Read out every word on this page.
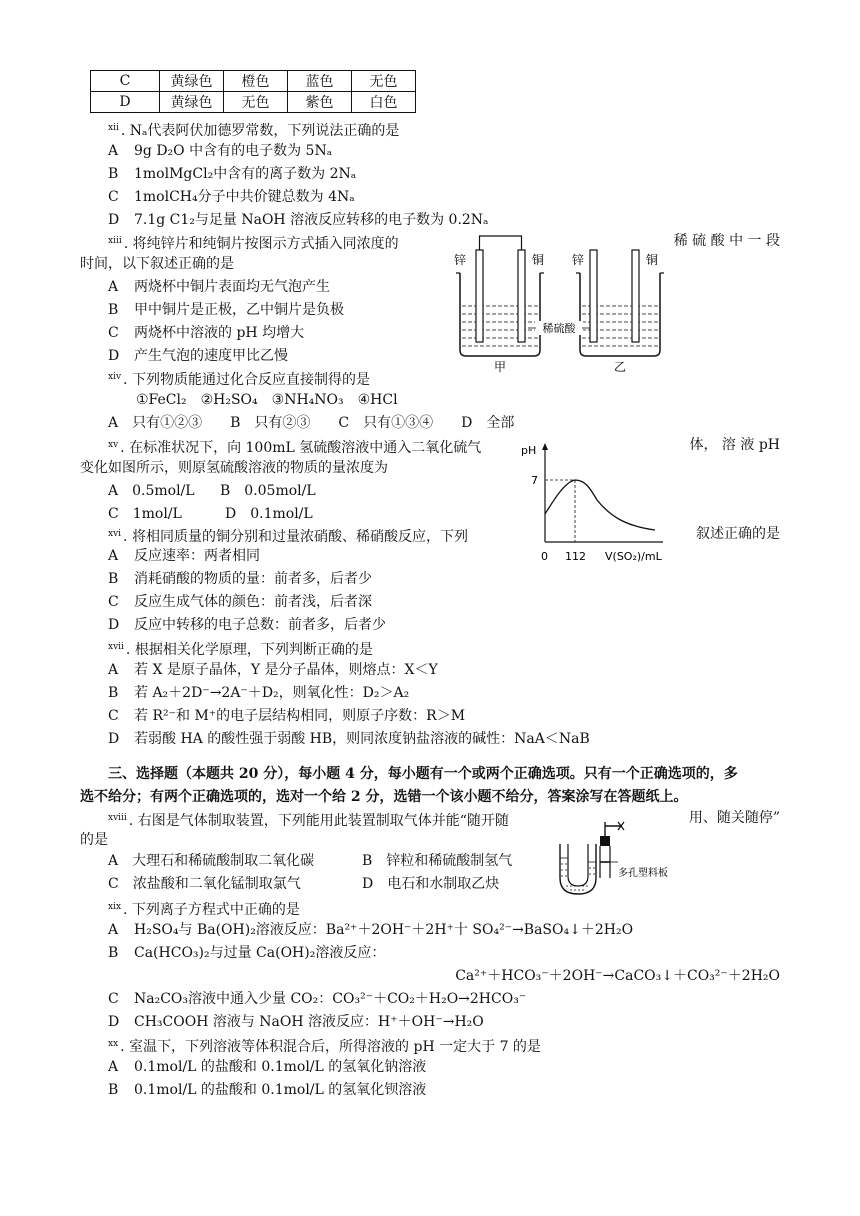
C	黄绿色	橙色	蓝色	无色
D	黄绿色	无色	紫色	白色
$^{xii}$ . Nₐ代表阿伏加德罗常数，下列说法正确的是
A 9g D₂O 中含有的电子数为 5Nₐ
B 1molMgCl₂中含有的离子数为 2Nₐ
C 1molCH₄分子中共价键总数为 4Nₐ
D 7.1g C1₂与足量 NaOH 溶液反应转移的电子数为 0.2Nₐ
$^{xiii}$ . 将纯锌片和纯铜片按图示方式插入同浓度的	稀 硫 酸 中 一 段
时间，以下叙述正确的是
A 两烧杯中铜片表面均无气泡产生
B 甲中铜片是正极，乙中铜片是负极
C 两烧杯中溶液的 pH 均增大
D 产生气泡的速度甲比乙慢
稀硫酸
锌	铜 锌	铜
甲	乙
$^{xiv}$ . 下列物质能通过化合反应直接制得的是
①FeCl₂　②H₂SO₄　③NH₄NO₃　④HCl
A　只有①②③　　B　只有②③　　C　只有①③④　　D　全部
$^{xv}$ . 在标准状况下，向 100mL 氢硫酸溶液中通入二氧化硫气	体， 溶 液 pH
变化如图所示，则原氢硫酸溶液的物质的量浓度为
A　0.5mol/L B　0.05mol/L
C　1mol/L	D　0.1mol/L
pH
7
0 112 V(SO₂)/mL
$^{xvi}$ . 将相同质量的铜分别和过量浓硝酸、稀硝酸反应，下列	叙述正确的是
A 反应速率：两者相同
B 消耗硝酸的物质的量：前者多，后者少
C 反应生成气体的颜色：前者浅，后者深
D 反应中转移的电子总数：前者多，后者少
$^{xvii}$ . 根据相关化学原理，下列判断正确的是
A 若 X 是原子晶体，Y 是分子晶体，则熔点：X＜Y
B 若 A₂＋2D⁻→2A⁻＋D₂，则氧化性：D₂＞A₂
C 若 R²⁻和 M⁺的电子层结构相同，则原子序数：R＞M
D 若弱酸 HA 的酸性强于弱酸 HB，则同浓度钠盐溶液的碱性：NaA＜NaB
三、选择题（本题共 20 分），每小题 4 分，每小题有一个或两个正确选项。只有一个正确选项的，多
选不给分；有两个正确选项的，选对一个给 2 分，选错一个该小题不给分，答案涂写在答题纸上。
$^{xviii}$ . 右图是气体制取装置，下列能用此装置制取气体并能“随开随	用、随关随停”
的是
A　大理石和稀硫酸制取二氧化碳	B　锌粒和稀硫酸制氢气
C　浓盐酸和二氧化锰制取氯气	D　电石和水制取乙炔
多孔塑料板
$^{xix}$ . 下列离子方程式中正确的是
A H₂SO₄与 Ba(OH)₂溶液反应：Ba²⁺＋2OH⁻＋2H⁺十 SO₄²⁻→BaSO₄↓＋2H₂O
B Ca(HCO₃)₂与过量 Ca(OH)₂溶液反应：
Ca²⁺＋HCO₃⁻＋2OH⁻→CaCO₃↓＋CO₃²⁻＋2H₂O
C Na₂CO₃溶液中通入少量 CO₂：CO₃²⁻＋CO₂＋H₂O→2HCO₃⁻
D CH₃COOH 溶液与 NaOH 溶液反应：H⁺＋OH⁻→H₂O
$^{xx}$ . 室温下，下列溶液等体积混合后，所得溶液的 pH 一定大于 7 的是
A 0.1mol/L 的盐酸和 0.1mol/L 的氢氧化钠溶液
B 0.1mol/L 的盐酸和 0.1mol/L 的氢氧化钡溶液
